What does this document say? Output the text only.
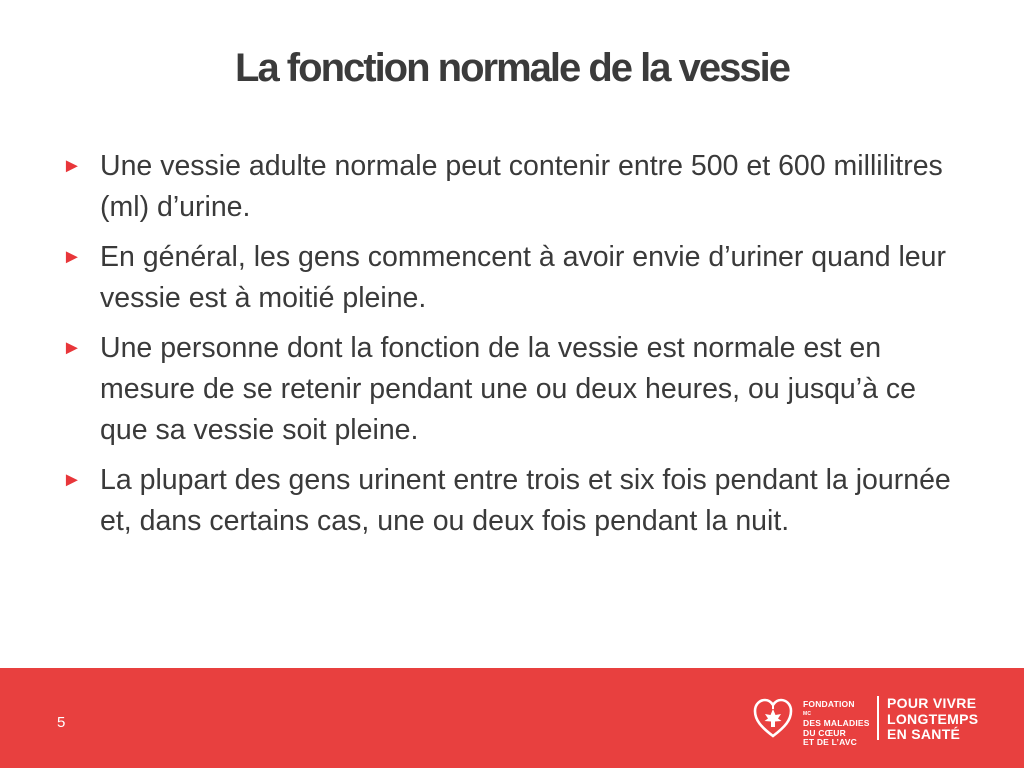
La fonction normale de la vessie
► Une vessie adulte normale peut contenir entre 500 et 600 millilitres (ml) d’urine.
► En général, les gens commencent à avoir envie d’uriner quand leur vessie est à moitié pleine.
► Une personne dont la fonction de la vessie est normale est en mesure de se retenir pendant une ou deux heures, ou jusqu’à ce que sa vessie soit pleine.
► La plupart des gens urinent entre trois et six fois pendant la journée et, dans certains cas, une ou deux fois pendant la nuit.
5
FONDATION
MC
DES MALADIES
DU CŒUR
ET DE L’AVC
POUR VIVRE
LONGTEMPS
EN SANTÉ
